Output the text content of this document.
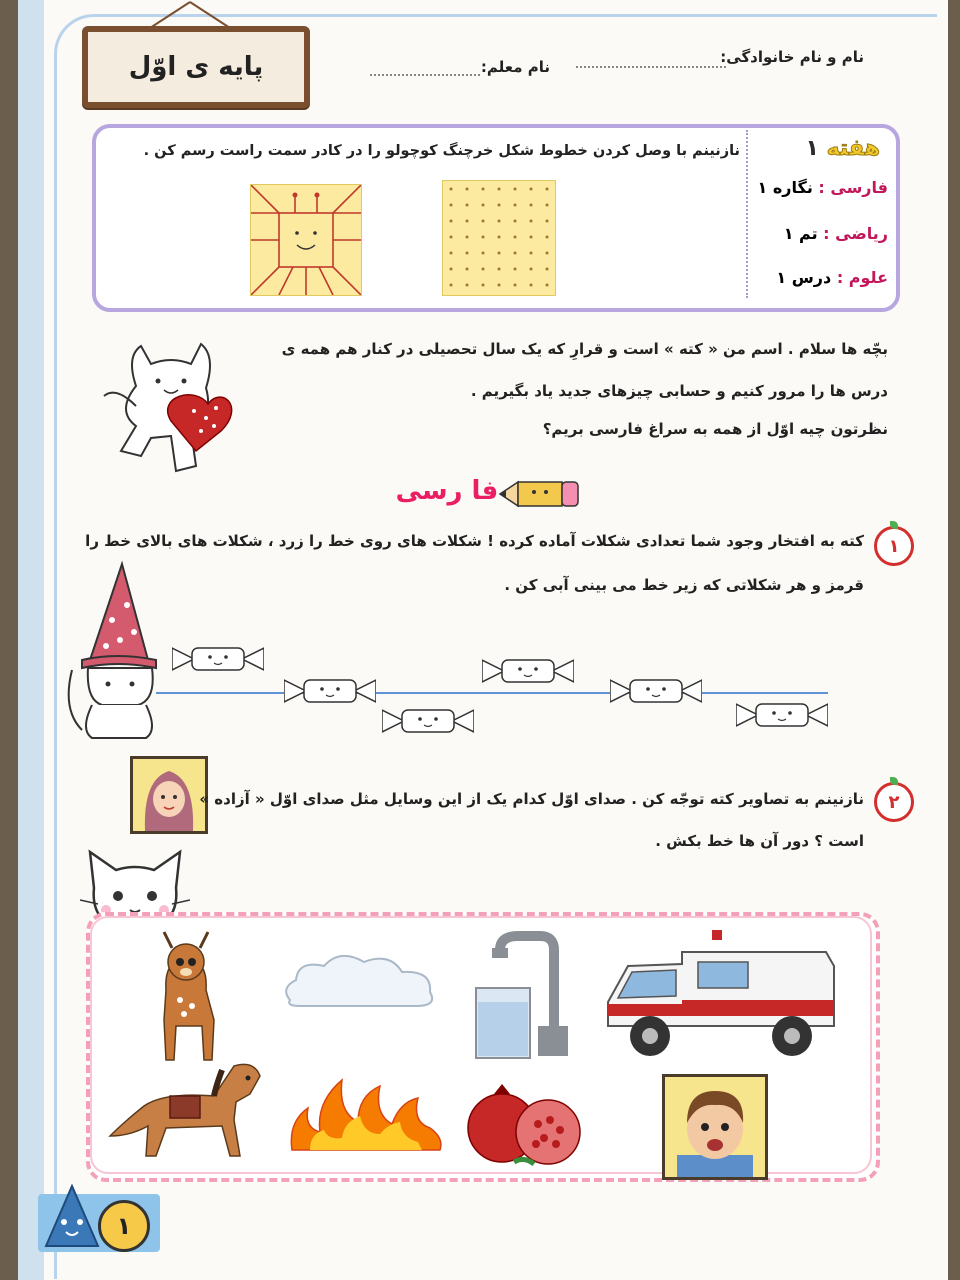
پایه ی اوّل	نام و نام خانوادگی:
نام معلم:
هفته ۱
فارسی : نگاره ۱
ریاضی : تم ۱
علوم : درس ۱
نازنینم با وصل کردن خطوط شکل خرچنگ کوچولو را در کادر سمت راست رسم کن .
بچّه ها سلام . اسم من « کته » است و قرارِ که یک سال تحصیلی در کنار هم همه ی
درس ها را مرور کنیم و حسابی چیزهای جدید یاد بگیریم .
نظرتون چیه اوّل از همه به سراغ فارسی بریم؟
فا رسی
۱
کته به افتخار وجود شما تعدادی شکلات آماده کرده ! شکلات های روی خط را زرد ، شکلات های بالای خط را
قرمز و هر شکلاتی که زیر خط می بینی آبی کن .
۲
نازنینم به تصاویر کته توجّه کن . صدای اوّل کدام یک از این وسایل مثل صدای اوّل « آزاده »
است ؟ دور آن ها خط بکش .
۱
